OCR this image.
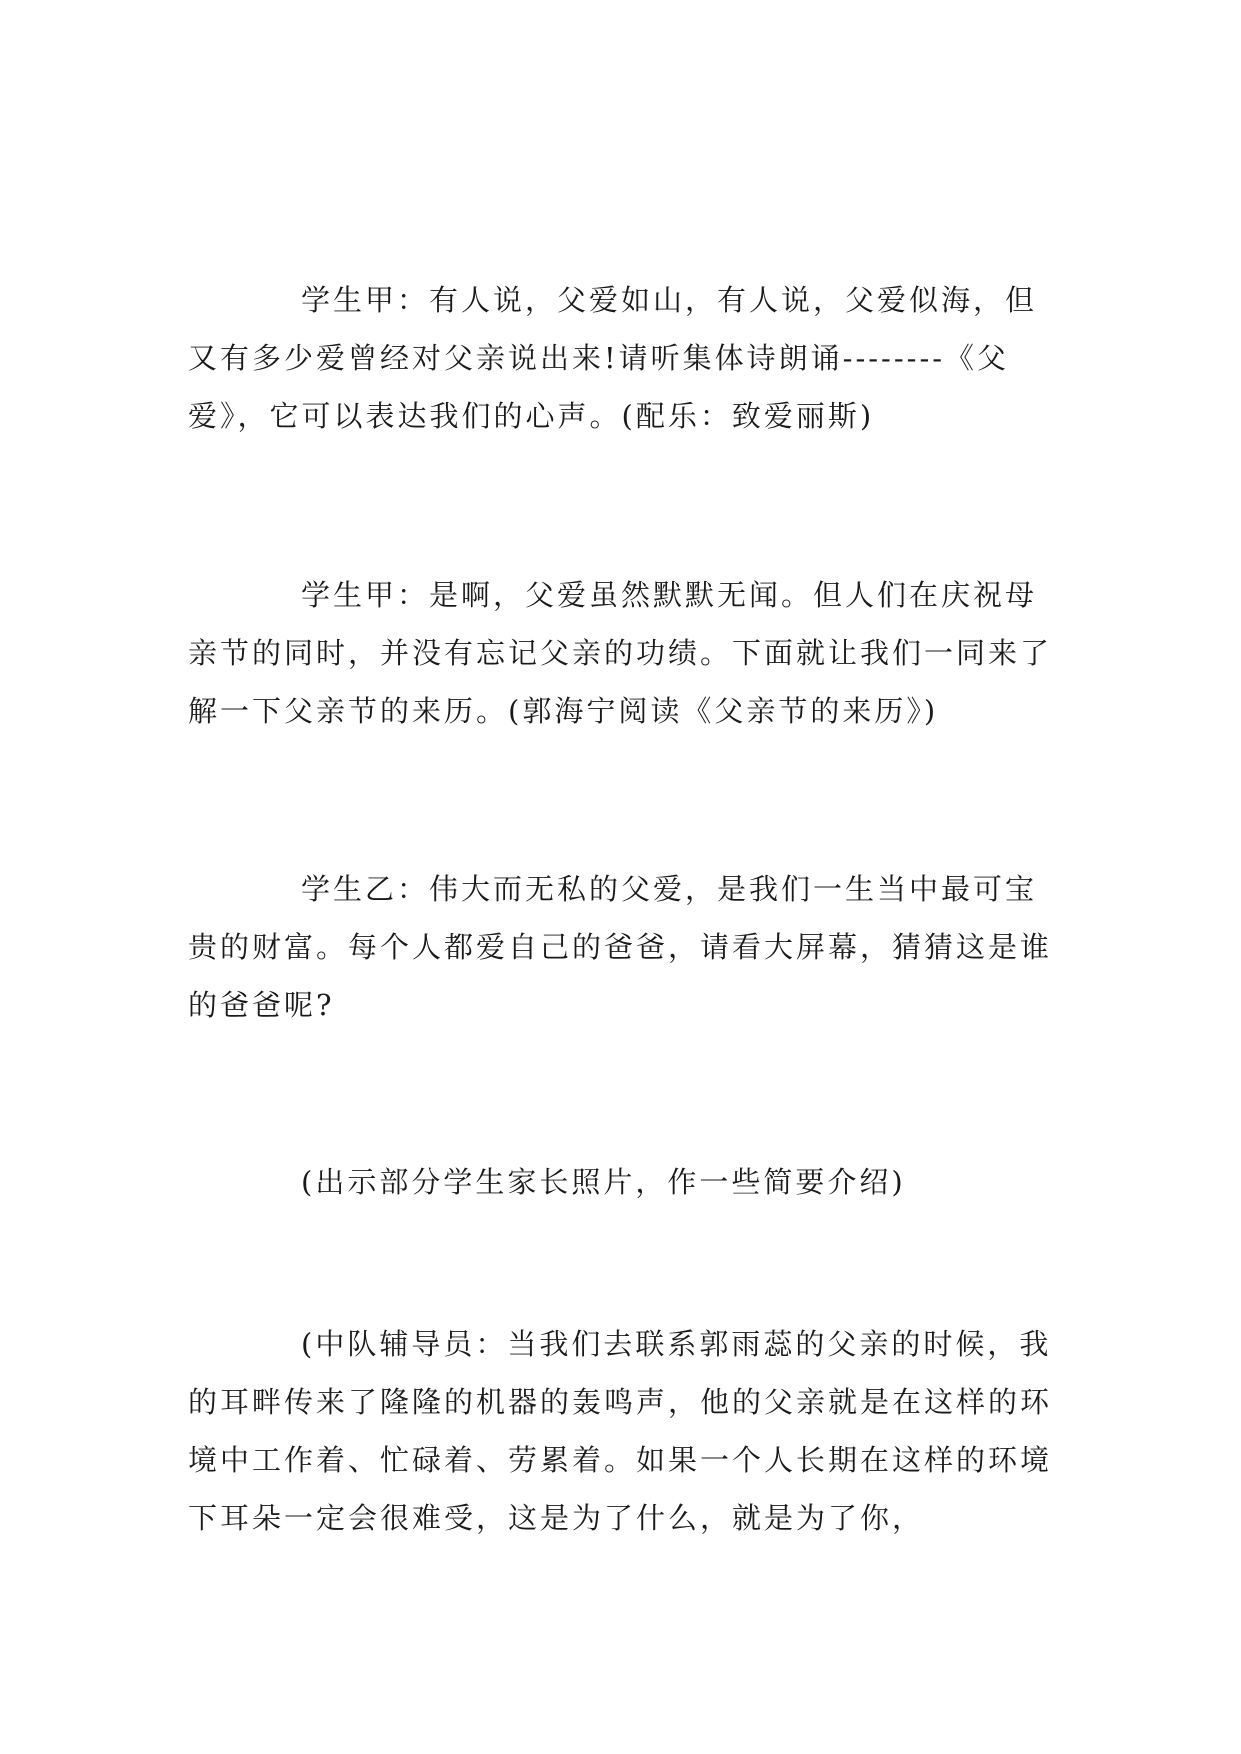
学生甲：有人说，父爱如山，有人说，父爱似海，但又有多少爱曾经对父亲说出来!请听集体诗朗诵--------《父爱》，它可以表达我们的心声。(配乐：致爱丽斯)

学生甲：是啊，父爱虽然默默无闻。但人们在庆祝母亲节的同时，并没有忘记父亲的功绩。下面就让我们一同来了解一下父亲节的来历。(郭海宁阅读《父亲节的来历》)

学生乙：伟大而无私的父爱，是我们一生当中最可宝贵的财富。每个人都爱自己的爸爸，请看大屏幕，猜猜这是谁的爸爸呢?

(出示部分学生家长照片，作一些简要介绍)

(中队辅导员：当我们去联系郭雨蕊的父亲的时候，我的耳畔传来了隆隆的机器的轰鸣声，他的父亲就是在这样的环境中工作着、忙碌着、劳累着。如果一个人长期在这样的环境下耳朵一定会很难受，这是为了什么，就是为了你，
